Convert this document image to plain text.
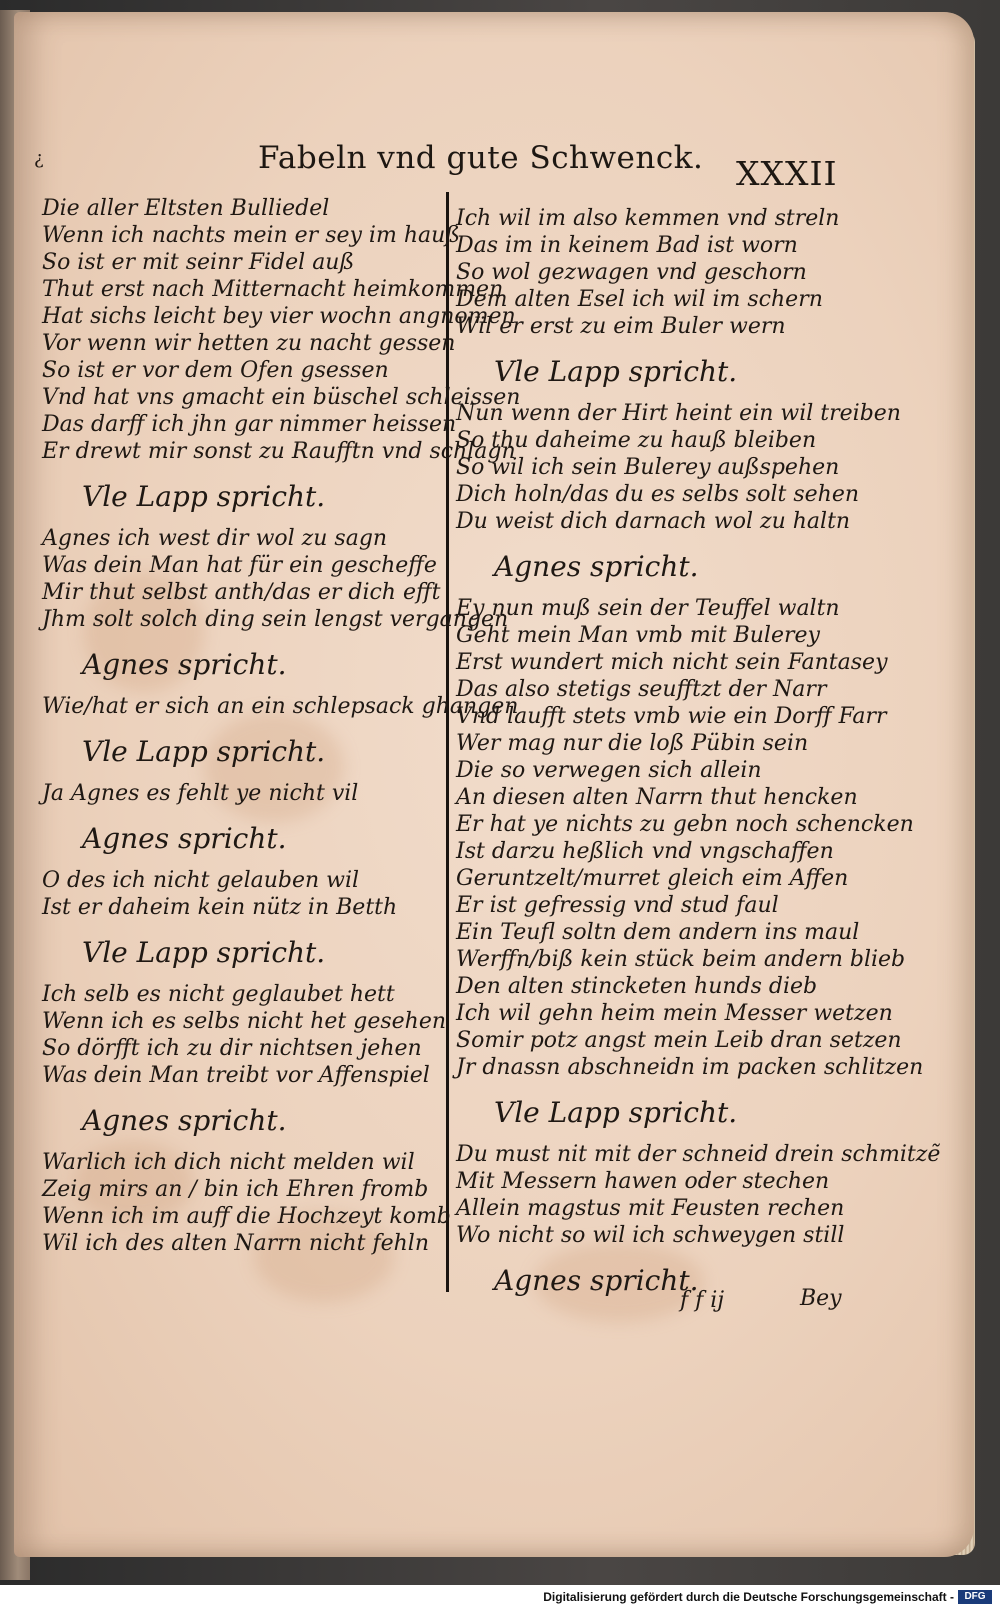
¿	Fabeln vnd gute Schwenck. XXXII
Die aller Eltsten Bulliedel
Wenn ich nachts mein er sey im hauß
So ist er mit seinr Fidel auß
Thut erst nach Mitternacht heimkommen
Hat sichs leicht bey vier wochn angnomen
Vor wenn wir hetten zu nacht gessen
So ist er vor dem Ofen gsessen
Vnd hat vns gmacht ein büschel schleissen
Das darff ich jhn gar nimmer heissen
Er drewt mir sonst zu Raufftn vnd schlagn
Vle Lapp spricht.
Agnes ich west dir wol zu sagn
Was dein Man hat für ein gescheffe
Mir thut selbst anth/das er dich efft
Jhm solt solch ding sein lengst vergangen
Agnes spricht.
Wie/hat er sich an ein schlepsack ghangen
Vle Lapp spricht.
Ja Agnes es fehlt ye nicht vil
Agnes spricht.
O des ich nicht gelauben wil
Ist er daheim kein nütz in Betth
Vle Lapp spricht.
Ich selb es nicht geglaubet hett
Wenn ich es selbs nicht het gesehen
So dörfft ich zu dir nichtsen jehen
Was dein Man treibt vor Affenspiel
Agnes spricht.
Warlich ich dich nicht melden wil
Zeig mirs an / bin ich Ehren fromb
Wenn ich im auff die Hochzeyt komb
Wil ich des alten Narrn nicht fehln
Ich wil im also kemmen vnd streln
Das im in keinem Bad ist worn
So wol gezwagen vnd geschorn
Dem alten Esel ich wil im schern
Wil er erst zu eim Buler wern
Vle Lapp spricht.
Nun wenn der Hirt heint ein wil treiben
So thu daheime zu hauß bleiben
So wil ich sein Bulerey außspehen
Dich holn/das du es selbs solt sehen
Du weist dich darnach wol zu haltn
Agnes spricht.
Ey nun muß sein der Teuffel waltn
Geht mein Man vmb mit Bulerey
Erst wundert mich nicht sein Fantasey
Das also stetigs seufftzt der Narr
Vnd laufft stets vmb wie ein Dorff Farr
Wer mag nur die loß Pübin sein
Die so verwegen sich allein
An diesen alten Narrn thut hencken
Er hat ye nichts zu gebn noch schencken
Ist darzu heßlich vnd vngschaffen
Geruntzelt/murret gleich eim Affen
Er ist gefressig vnd stud faul
Ein Teufl soltn dem andern ins maul
Werffn/biß kein stück beim andern blieb
Den alten stincketen hunds dieb
Ich wil gehn heim mein Messer wetzen
Somir potz angst mein Leib dran setzen
Jr dnassn abschneidn im packen schlitzen
Vle Lapp spricht.
Du must nit mit der schneid drein schmitzẽ
Mit Messern hawen oder stechen
Allein magstus mit Feusten rechen
Wo nicht so wil ich schweygen still
Agnes spricht.
f f ij	Bey
Digitalisierung gefördert durch die Deutsche Forschungsgemeinschaft -	DFG
